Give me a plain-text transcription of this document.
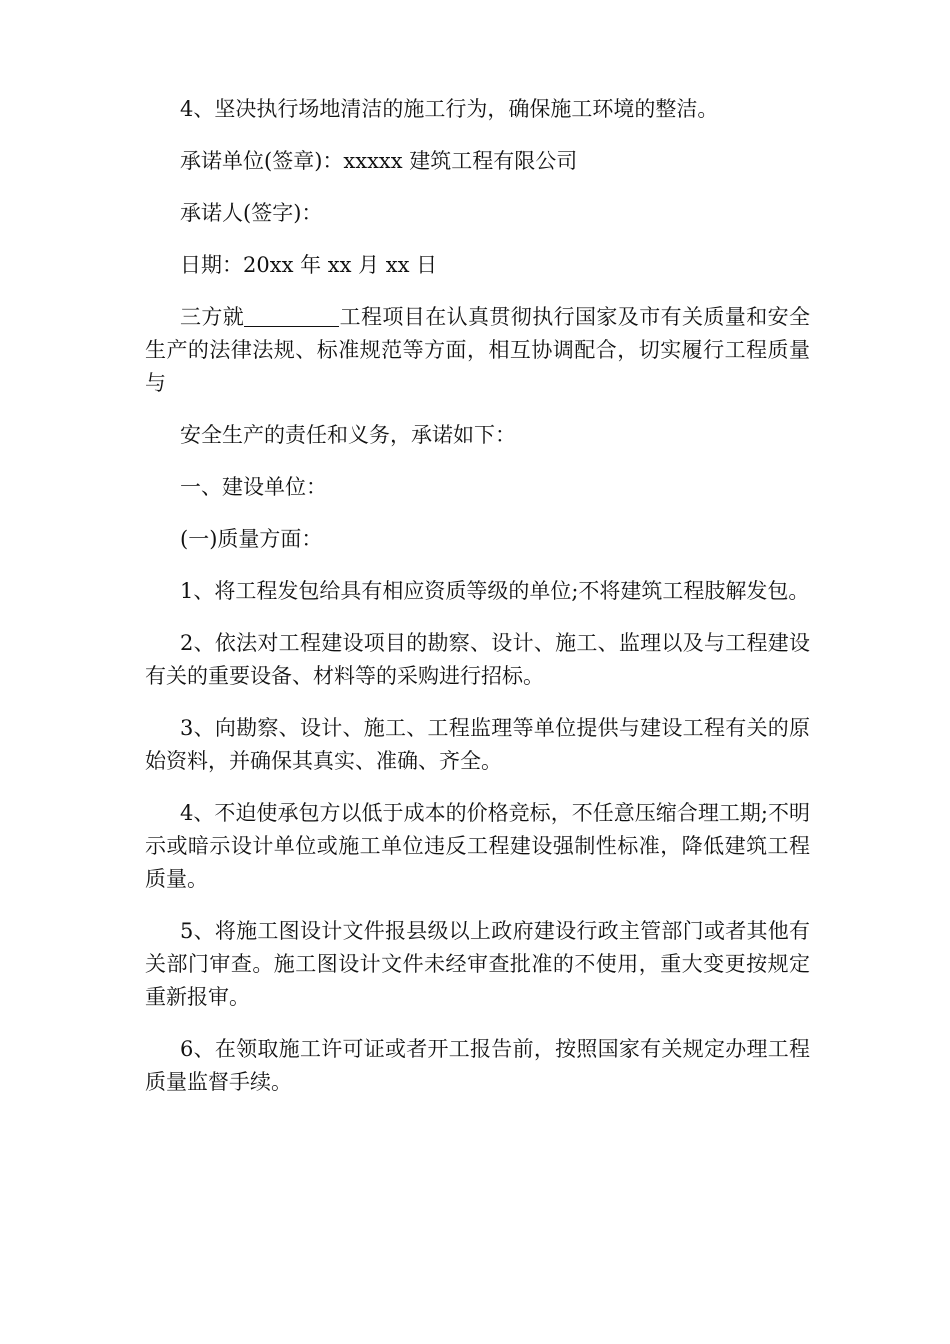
4、坚决执行场地清洁的施工行为，确保施工环境的整洁。

承诺单位(签章)：xxxxx 建筑工程有限公司

承诺人(签字)：

日期：20xx 年 xx 月 xx 日

三方就	工程项目在认真贯彻执行国家及市有关质量和安全生产的法律法规、标准规范等方面，相互协调配合，切实履行工程质量与

安全生产的责任和义务，承诺如下：

一、建设单位：

(一)质量方面：

1、将工程发包给具有相应资质等级的单位;不将建筑工程肢解发包。

2、依法对工程建设项目的勘察、设计、施工、监理以及与工程建设有关的重要设备、材料等的采购进行招标。

3、向勘察、设计、施工、工程监理等单位提供与建设工程有关的原始资料，并确保其真实、准确、齐全。

4、不迫使承包方以低于成本的价格竞标，不任意压缩合理工期;不明示或暗示设计单位或施工单位违反工程建设强制性标准，降低建筑工程质量。

5、将施工图设计文件报县级以上政府建设行政主管部门或者其他有关部门审查。施工图设计文件未经审查批准的不使用，重大变更按规定重新报审。

6、在领取施工许可证或者开工报告前，按照国家有关规定办理工程质量监督手续。
